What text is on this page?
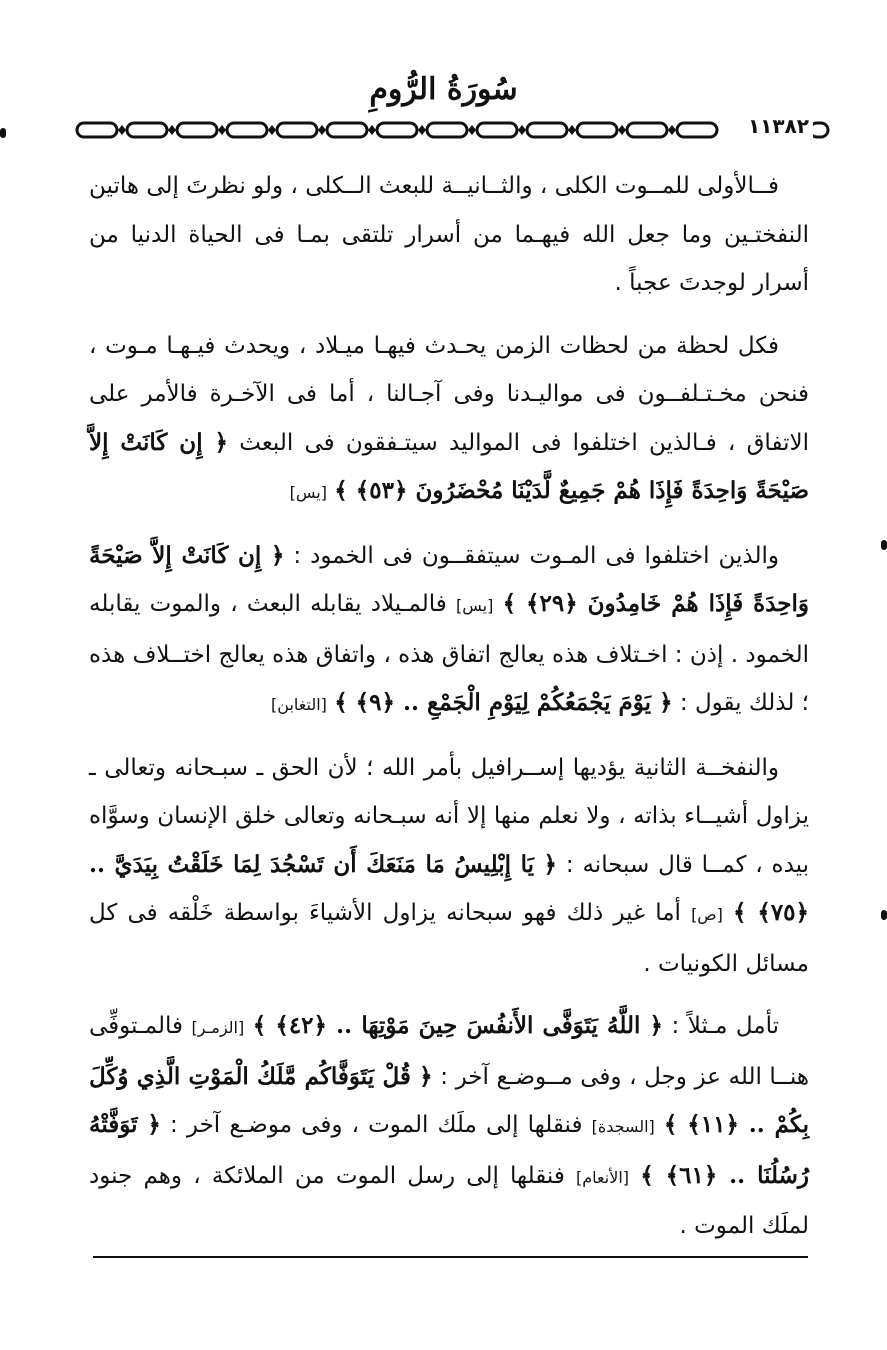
سُورَةُ الرُّومِ
١١٣٨٢

فــالأولى للمــوت الكلى ، والثــانيــة للبعث الــكلى ، ولو نظرتَ إلى هاتين النفختـين وما جعل الله فيهـما من أسرار تلتقى بمـا فى الحياة الدنيا من أسرار لوجدتَ عجباً .

فكل لحظة من لحظات الزمن يحـدث فيهـا ميـلاد ، ويحدث فيـهـا مـوت ، فنحن مخـتـلفــون فى مواليـدنا وفى آجـالنا ، أما فى الآخـرة فالأمر على الاتفاق ، فـالذين اختلفوا فى المواليد سيتـفقون فى البعث ﴿ إِن كَانَتْ إِلاَّ صَيْحَةً وَاحِدَةً فَإِذَا هُمْ جَمِيعٌ لَّدَيْنَا مُحْضَرُونَ ﴿٥٣﴾ ﴾ [يس]

والذين اختلفوا فى المـوت سيتفقــون فى الخمود : ﴿ إِن كَانَتْ إِلاَّ صَيْحَةً وَاحِدَةً فَإِذَا هُمْ خَامِدُونَ ﴿٢٩﴾ ﴾ [يس] فالمـيلاد يقابله البعث ، والموت يقابله الخمود . إذن : اخـتلاف هذه يعالج اتفاق هذه ، واتفاق هذه يعالج اختــلاف هذه ؛ لذلك يقول : ﴿ يَوْمَ يَجْمَعُكُمْ لِيَوْمِ الْجَمْعِ .. ﴿٩﴾ ﴾ [التغابن]

والنفخــة الثانية يؤديها إســرافيل بأمر الله ؛ لأن الحق ـ سبـحانه وتعالى ـ يزاول أشيــاء بذاته ، ولا نعلم منها إلا أنه سبـحانه وتعالى خلق الإنسان وسوَّاه بيده ، كمــا قال سبحانه : ﴿ يَا إِبْلِيسُ مَا مَنَعَكَ أَن تَسْجُدَ لِمَا خَلَقْتُ بِيَدَيَّ .. ﴿٧٥﴾ ﴾ [ص] أما غير ذلك فهو سبحانه يزاول الأشياءَ بواسطة خَلْقه فى كل مسائل الكونيات .

تأمل مـثلاً : ﴿ اللَّهُ يَتَوَفَّى الأَنفُسَ حِينَ مَوْتِهَا .. ﴿٤٢﴾ ﴾ [الزمـر] فالمـتوفِّى هنــا الله عز وجل ، وفى مــوضـع آخر : ﴿ قُلْ يَتَوَفَّاكُم مَّلَكُ الْمَوْتِ الَّذِي وُكِّلَ بِكُمْ .. ﴿١١﴾ ﴾ [السجدة] فنقلها إلى ملَك الموت ، وفى موضـع آخر : ﴿ تَوَفَّتْهُ رُسُلُنَا .. ﴿٦١﴾ ﴾ [الأنعام] فنقلها إلى رسل الموت من الملائكة ، وهم جنود لملَك الموت .
